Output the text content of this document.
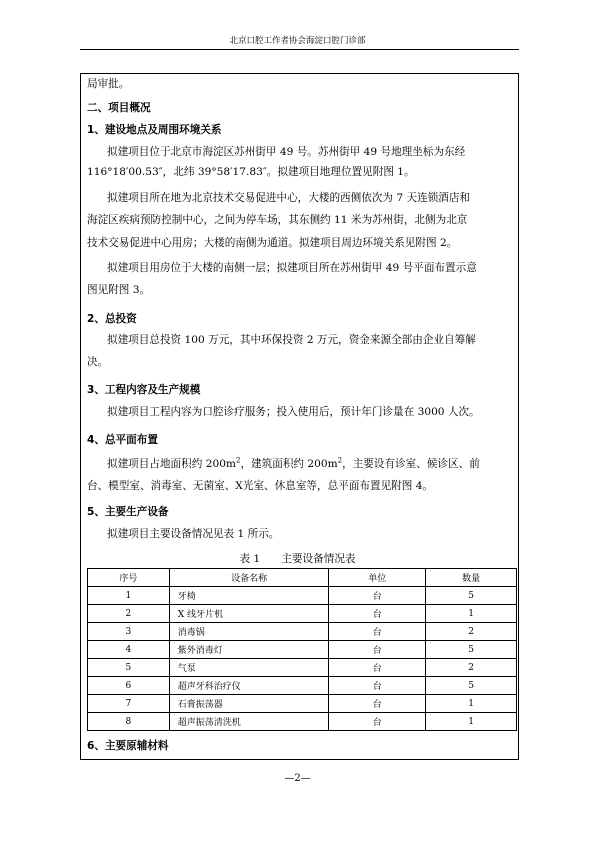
北京口腔工作者协会海淀口腔门诊部
局审批。
二、项目概况
1、建设地点及周围环境关系
拟建项目位于北京市海淀区苏州街甲 49 号。苏州街甲 49 号地理坐标为东经
116°18′00.53″，北纬 39°58′17.83″。拟建项目地理位置见附图 1。
拟建项目所在地为北京技术交易促进中心，大楼的西侧依次为 7 天连锁酒店和
海淀区疾病预防控制中心，之间为停车场，其东侧约 11 米为苏州街，北侧为北京
技术交易促进中心用房；大楼的南侧为通道。拟建项目周边环境关系见附图 2。
拟建项目用房位于大楼的南侧一层；拟建项目所在苏州街甲 49 号平面布置示意
图见附图 3。
2、总投资
拟建项目总投资 100 万元，其中环保投资 2 万元，资金来源全部由企业自筹解
决。
3、工程内容及生产规模
拟建项目工程内容为口腔诊疗服务；投入使用后，预计年门诊量在 3000 人次。
4、总平面布置
拟建项目占地面积约 $200m^2$，建筑面积约 $200m^2$，主要设有诊室、候诊区、前
台、模型室、消毒室、无菌室、X光室、休息室等，总平面布置见附图 4。
5、主要生产设备
拟建项目主要设备情况见表 1 所示。
表 1　　主要设备情况表
序号	设备名称	单位	数量
1	牙椅	台	5
2	X 线牙片机	台	1
3	消毒锅	台	2
4	紫外消毒灯	台	5
5	气泵	台	2
6	超声牙科治疗仪	台	5
7	石膏振荡器	台	1
8	超声振荡清洗机	台	1
6、主要原辅材料
—2—
